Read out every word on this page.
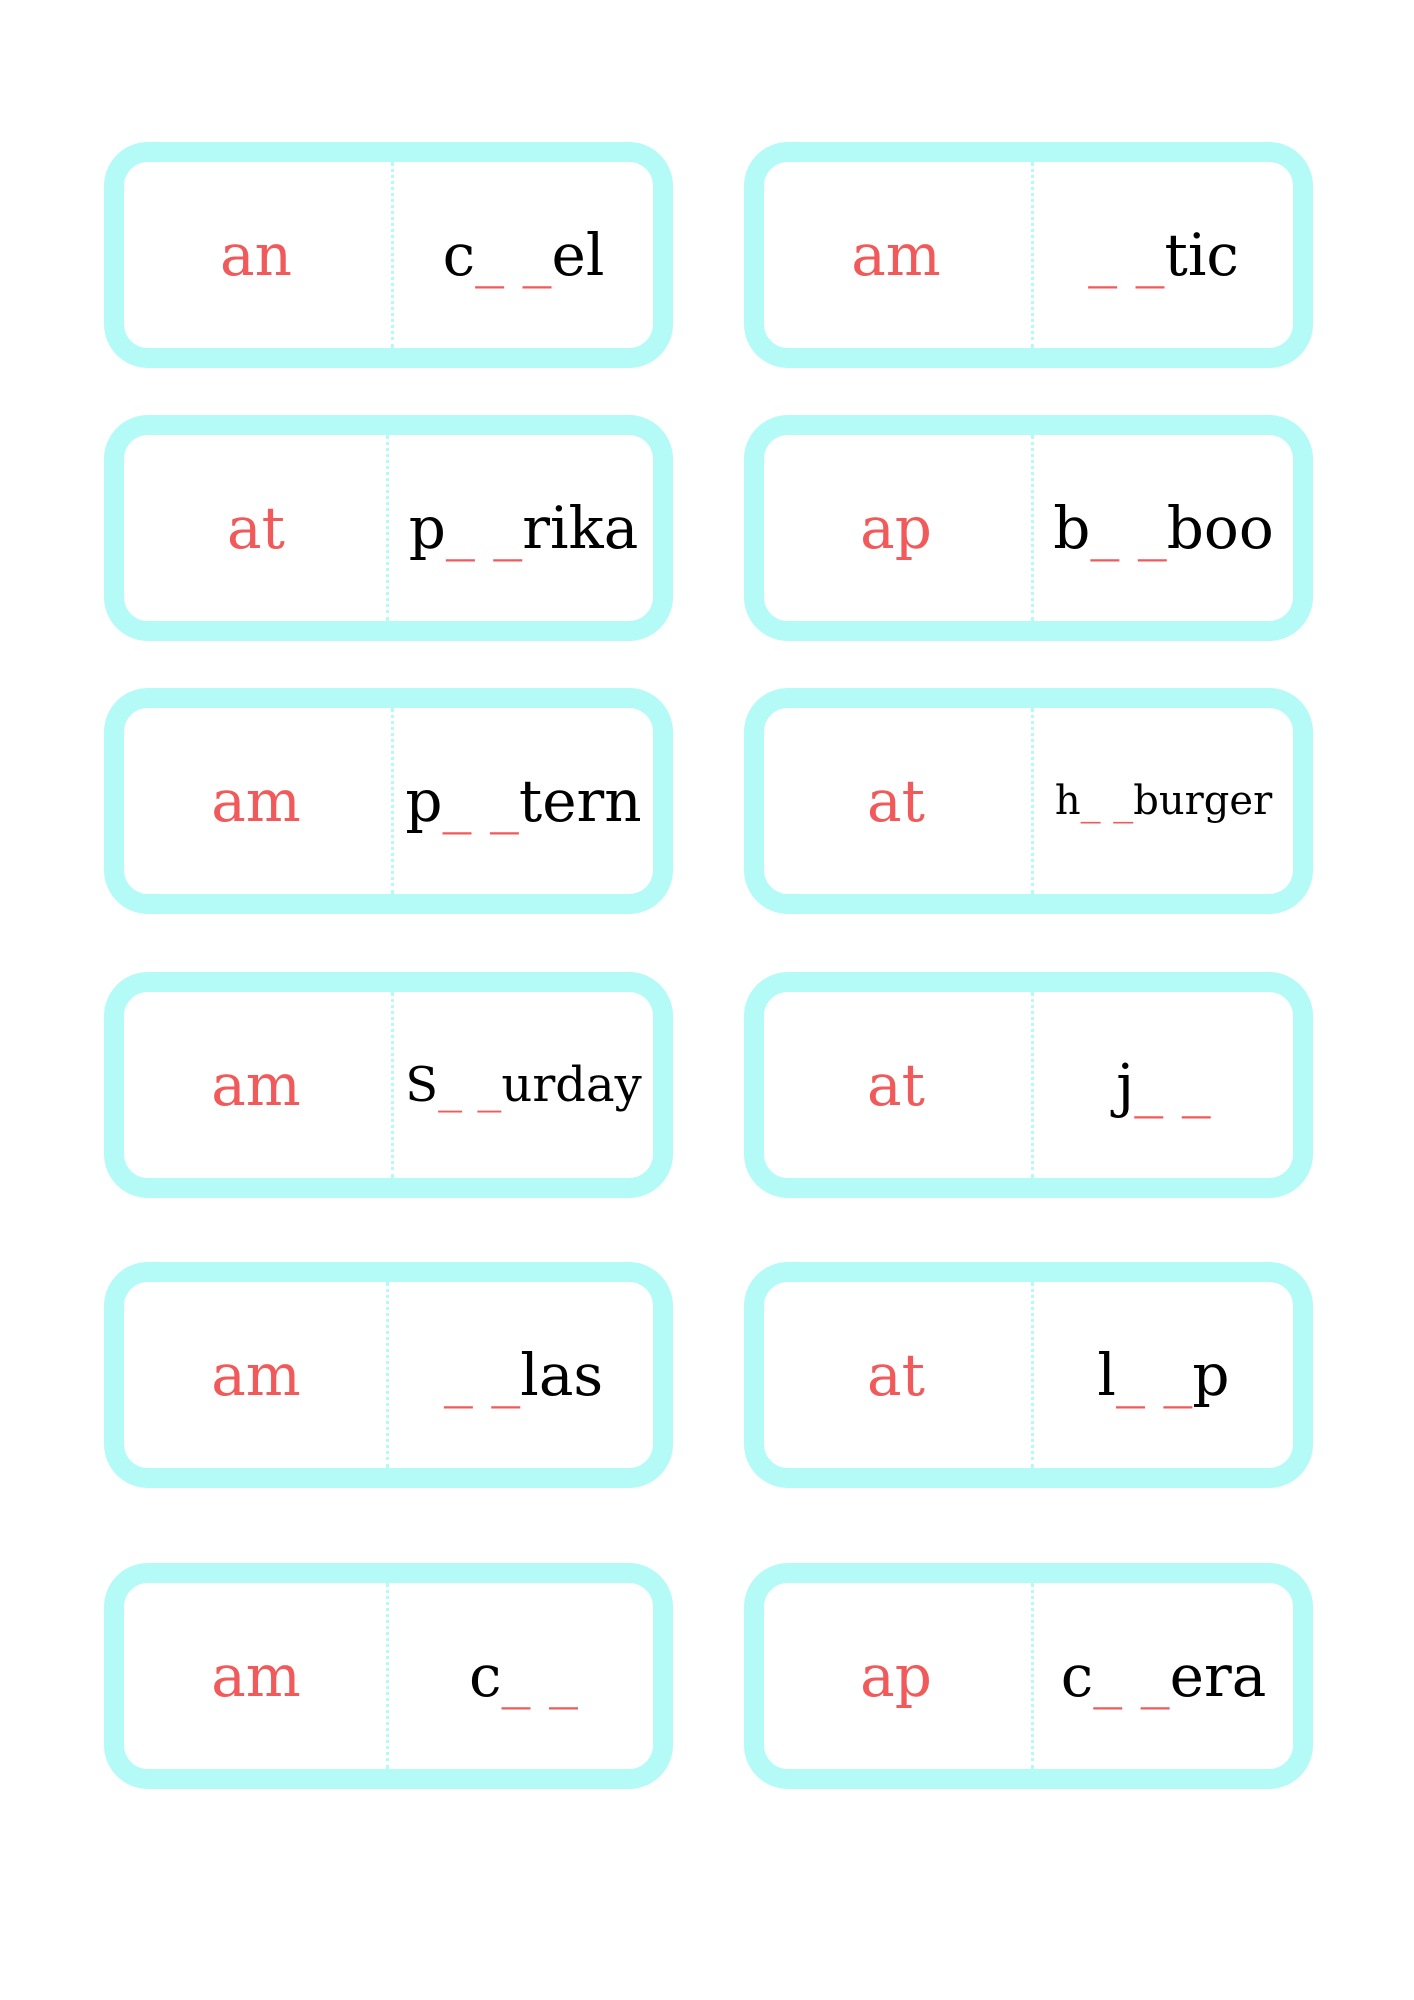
an	c_ _el	am	_ _tic
at p_ _rika	ap b_ _boo
am p_ _tern	at	h_ _burger
am S_ _urday	at	j_ _
am _ _las	at	l_ _p
am	c_ _	ap c_ _era
